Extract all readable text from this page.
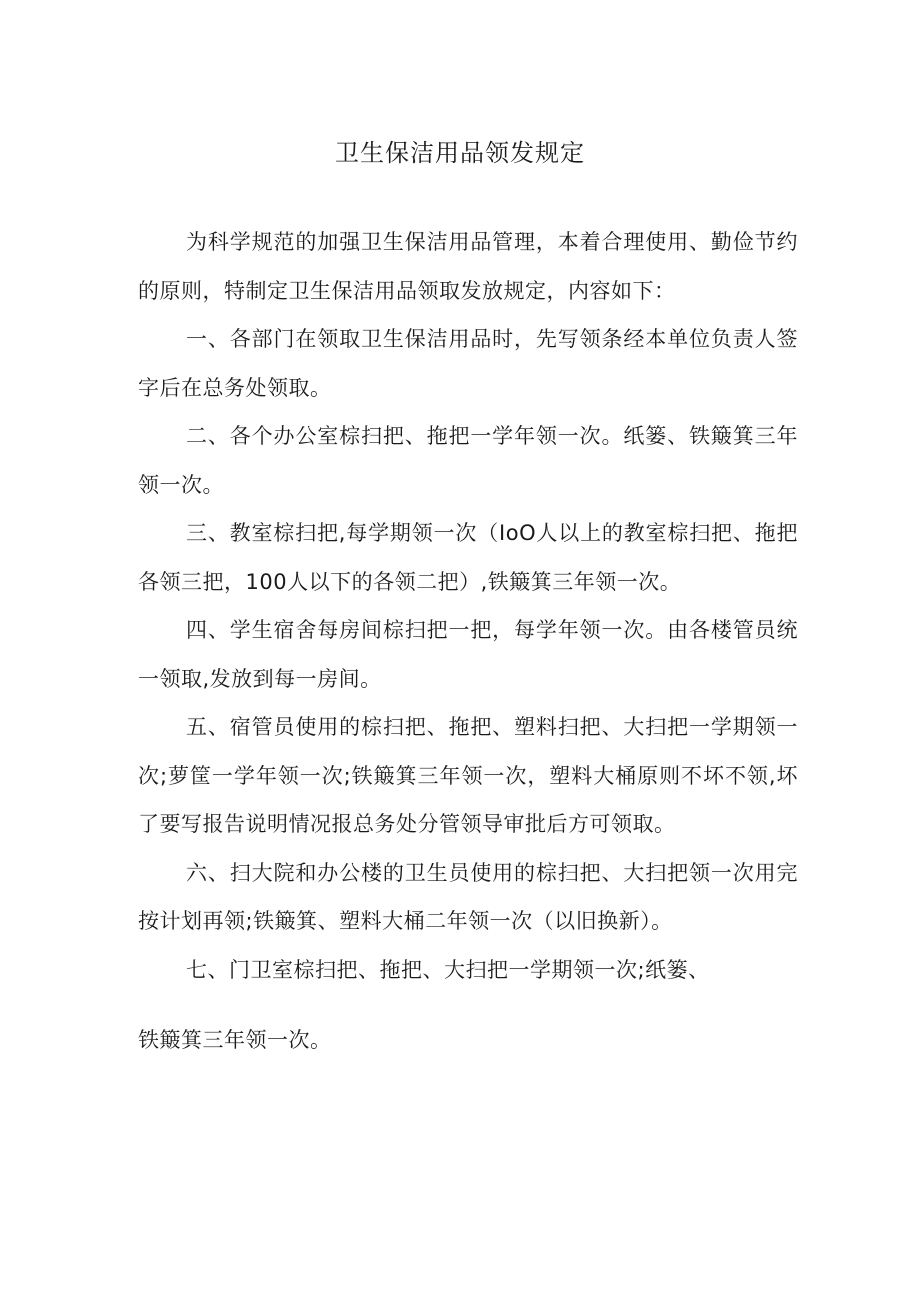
卫生保洁用品领发规定

为科学规范的加强卫生保洁用品管理，本着合理使用、勤俭节约的原则，特制定卫生保洁用品领取发放规定，内容如下：

一、各部门在领取卫生保洁用品时，先写领条经本单位负责人签字后在总务处领取。

二、各个办公室棕扫把、拖把一学年领一次。纸篓、铁簸箕三年领一次。

三、教室棕扫把,每学期领一次（IoO人以上的教室棕扫把、拖把各领三把，100人以下的各领二把）,铁簸箕三年领一次。

四、学生宿舍每房间棕扫把一把，每学年领一次。由各楼管员统一领取,发放到每一房间。

五、宿管员使用的棕扫把、拖把、塑料扫把、大扫把一学期领一次;萝筐一学年领一次;铁簸箕三年领一次，塑料大桶原则不坏不领,坏了要写报告说明情况报总务处分管领导审批后方可领取。

六、扫大院和办公楼的卫生员使用的棕扫把、大扫把领一次用完按计划再领;铁簸箕、塑料大桶二年领一次（以旧换新）。

七、门卫室棕扫把、拖把、大扫把一学期领一次;纸篓、

铁簸箕三年领一次。
